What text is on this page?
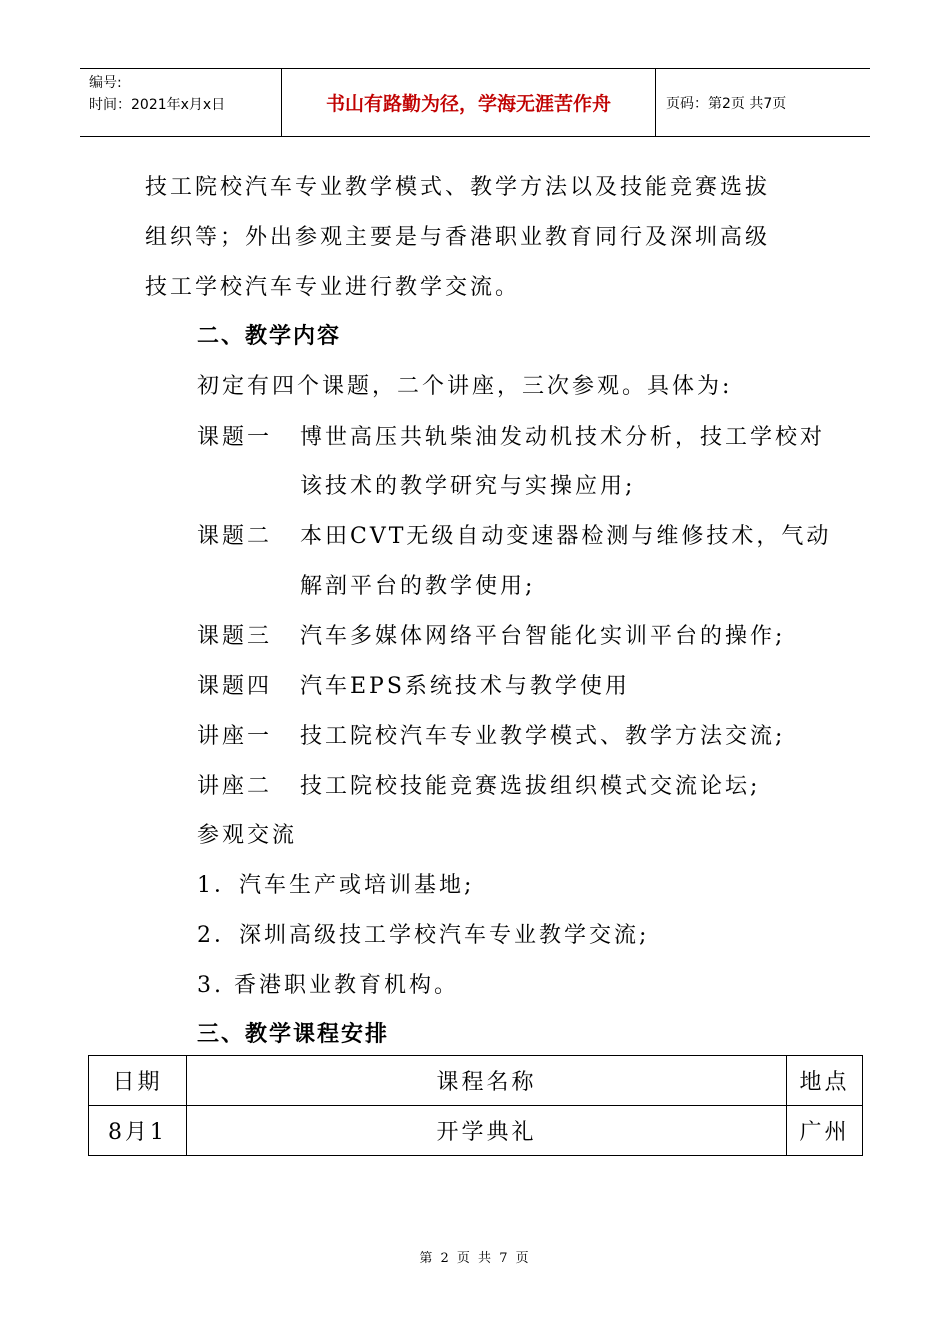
编号:
时间：2021年x月x日	书山有路勤为径，学海无涯苦作舟	页码：第2页 共7页
技工院校汽车专业教学模式、教学方法以及技能竞赛选拔
组织等；外出参观主要是与香港职业教育同行及深圳高级
技工学校汽车专业进行教学交流。
二、教学内容
初定有四个课题，二个讲座，三次参观。具体为:
课题一 博世高压共轨柴油发动机技术分析，技工学校对
该技术的教学研究与实操应用;
课题二 本田CVT无级自动变速器检测与维修技术，气动
解剖平台的教学使用;
课题三 汽车多媒体网络平台智能化实训平台的操作;
课题四 汽车EPS系统技术与教学使用
讲座一 技工院校汽车专业教学模式、教学方法交流;
讲座二 技工院校技能竞赛选拔组织模式交流论坛;
参观交流
1．汽车生产或培训基地;
2．深圳高级技工学校汽车专业教学交流;
3. 香港职业教育机构。
三、教学课程安排
日期	课程名称	地点
8月1	开学典礼	广州
第 2 页 共 7 页
